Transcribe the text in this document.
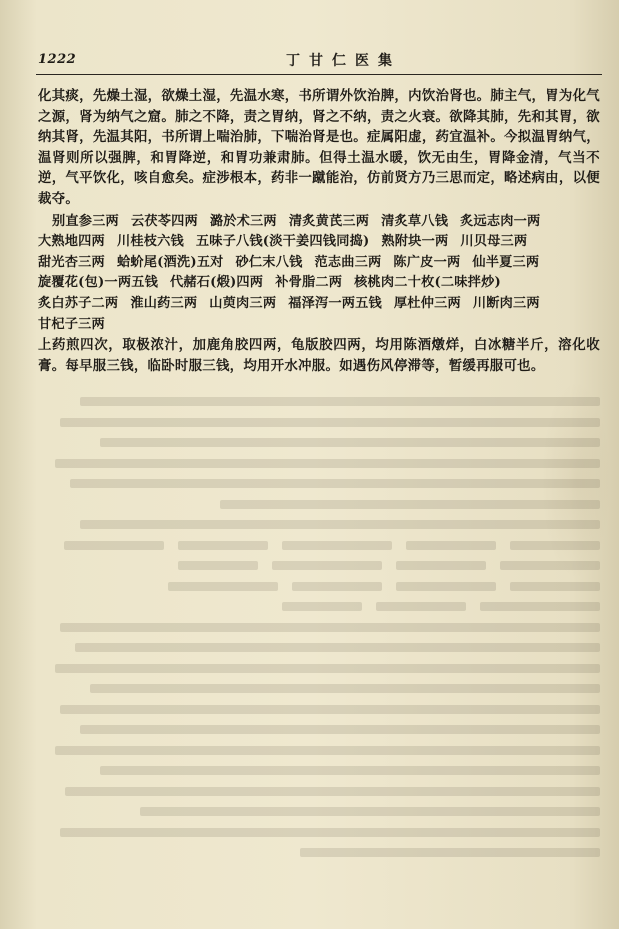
1222	丁甘仁医集

化其痰，先燥土湿，欲燥土湿，先温水寒，书所谓外饮治脾，内饮治肾也。肺主气，胃为化气之源，肾为纳气之窟。肺之不降，责之胃纳，肾之不纳，责之火衰。欲降其肺，先和其胃，欲纳其肾，先温其阳，书所谓上喘治肺，下喘治肾是也。症属阳虚，药宜温补。今拟温胃纳气，温肾则所以强脾，和胃降逆，和胃功兼肃肺。但得土温水暖，饮无由生，胃降金清，气当不逆，气平饮化，咳自愈矣。症涉根本，药非一蹴能治，仿前贤方乃三思而定，略述病由，以便裁夺。

别直参三两 云茯苓四两 潞於术三两 清炙黄芪三两 清炙草八钱 炙远志肉一两
大熟地四两 川桂枝六钱 五味子八钱(淡干姜四钱同捣) 熟附块一两 川贝母三两
甜光杏三两 蛤蚧尾(酒洗)五对 砂仁末八钱 范志曲三两 陈广皮一两 仙半夏三两
旋覆花(包)一两五钱 代赭石(煅)四两 补骨脂二两 核桃肉二十枚(二味拌炒)
炙白苏子二两 淮山药三两 山萸肉三两 福泽泻一两五钱 厚杜仲三两 川断肉三两
甘杞子三两

上药煎四次，取极浓汁，加鹿角胶四两，龟版胶四两，均用陈酒燉烊，白冰糖半斤，溶化收膏。每早服三钱，临卧时服三钱，均用开水冲服。如遇伤风停滞等，暂缓再服可也。
